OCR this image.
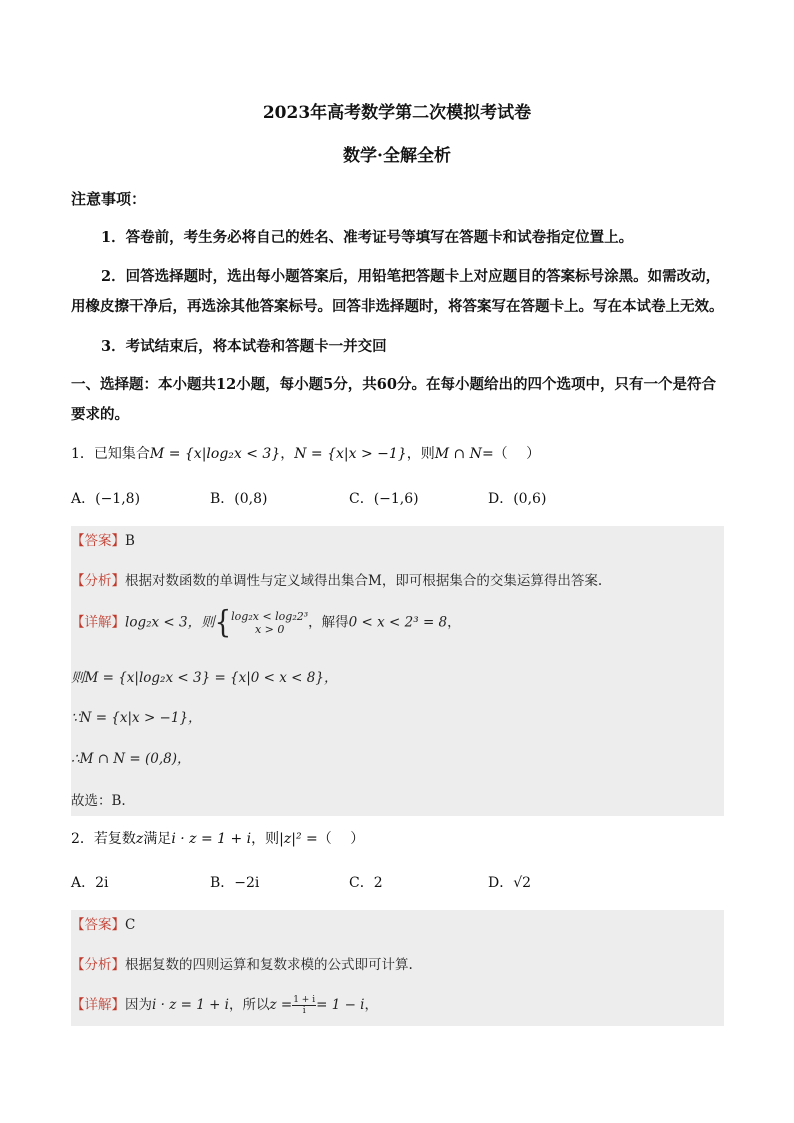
2023年高考数学第二次模拟考试卷
数学·全解全析
注意事项：
1．答卷前，考生务必将自己的姓名、准考证号等填写在答题卡和试卷指定位置上。
2．回答选择题时，选出每小题答案后，用铅笔把答题卡上对应题目的答案标号涂黑。如需改动，用橡皮擦干净后，再选涂其他答案标号。回答非选择题时，将答案写在答题卡上。写在本试卷上无效。
3．考试结束后，将本试卷和答题卡一并交回
一、选择题：本小题共12小题，每小题5分，共60分。在每小题给出的四个选项中，只有一个是符合要求的。
1．已知集合M = {x|log₂x < 3}，N = {x|x > −1}，则M ∩ N=（　 ）
A．(−1,8)	B．(0,8)	C．(−1,6)	D．(0,6)
【答案】B
【分析】根据对数函数的单调性与定义域得出集合M，即可根据集合的交集运算得出答案.
【详解】log₂x < 3，则{ log₂x < log₂2³
x > 0	，解得0 < x < 2³ = 8，
则M = {x|log₂x < 3} = {x|0 < x < 8}，
∵N = {x|x > −1}，
∴M ∩ N = (0,8)，
故选：B.
2．若复数z满足i · z = 1 + i，则|z|² =（　 ）
A．2i	B．−2i	C．2	D．√2
【答案】C
【分析】根据复数的四则运算和复数求模的公式即可计算.
【详解】因为i · z = 1 + i，所以$z = \frac{1 + i}{i} = 1 - i$，
